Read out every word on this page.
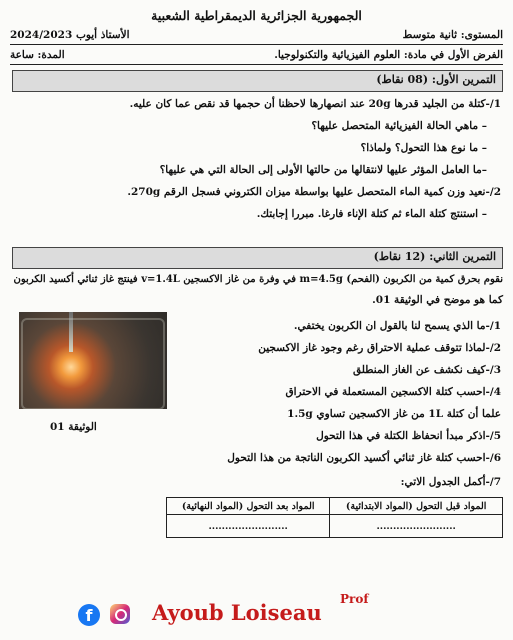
الجمهورية الجزائرية الديمقراطية الشعبية
المستوى: ثانية متوسط
الأستاذ أيوب 2024/2023
الفرض الأول في مادة: العلوم الفيزيائية والتكنولوجيا.
المدة: ساعة
التمرين الأول: (08 نقاط)
1/-كتلة من الجليد قدرها 20g عند انصهارها لاحظنا أن حجمها قد نقص عما كان عليه.
– ماهي الحالة الفيزيائية المتحصل عليها؟
– ما نوع هذا التحول؟ ولماذا؟
–ما العامل المؤثر عليها لانتقالها من حالتها الأولى إلى الحالة التي هي عليها؟
2/-نعيد وزن كمية الماء المتحصل عليها بواسطة ميزان الكتروني فسجل الرقم 270g.
– استنتج كتلة الماء ثم كتلة الإناء فارغا. مبررا إجابتك.
التمرين الثاني: (12 نقاط)
نقوم بحرق كمية من الكربون (الفحم) m=4.5g في وفرة من غاز الاكسجين v=1.4L فينتج غاز ثنائي أكسيد الكربون
كما هو موضح في الوثيقة 01.
الوثيقة 01
1/-ما الذي يسمح لنا بالقول ان الكربون يختفي.
2/-لماذا تتوقف عملية الاحتراق رغم وجود غاز الاكسجين
3/-كيف نكشف عن الغاز المنطلق
4/-احسب كتلة الاكسجين المستعملة في الاحتراق
علما أن كتلة 1L من غاز الاكسجين تساوي 1.5g
5/-اذكر مبدأ انحفاظ الكتلة في هذا التحول
6/-احسب كتلة غاز ثنائي أكسيد الكربون الناتجة من هذا التحول
7/-أكمل الجدول الاتي:
المواد قبل التحول (المواد الابتدائية)	المواد بعد التحول (المواد النهائية)
........................	........................
f	Ayoub Loiseau
Prof
